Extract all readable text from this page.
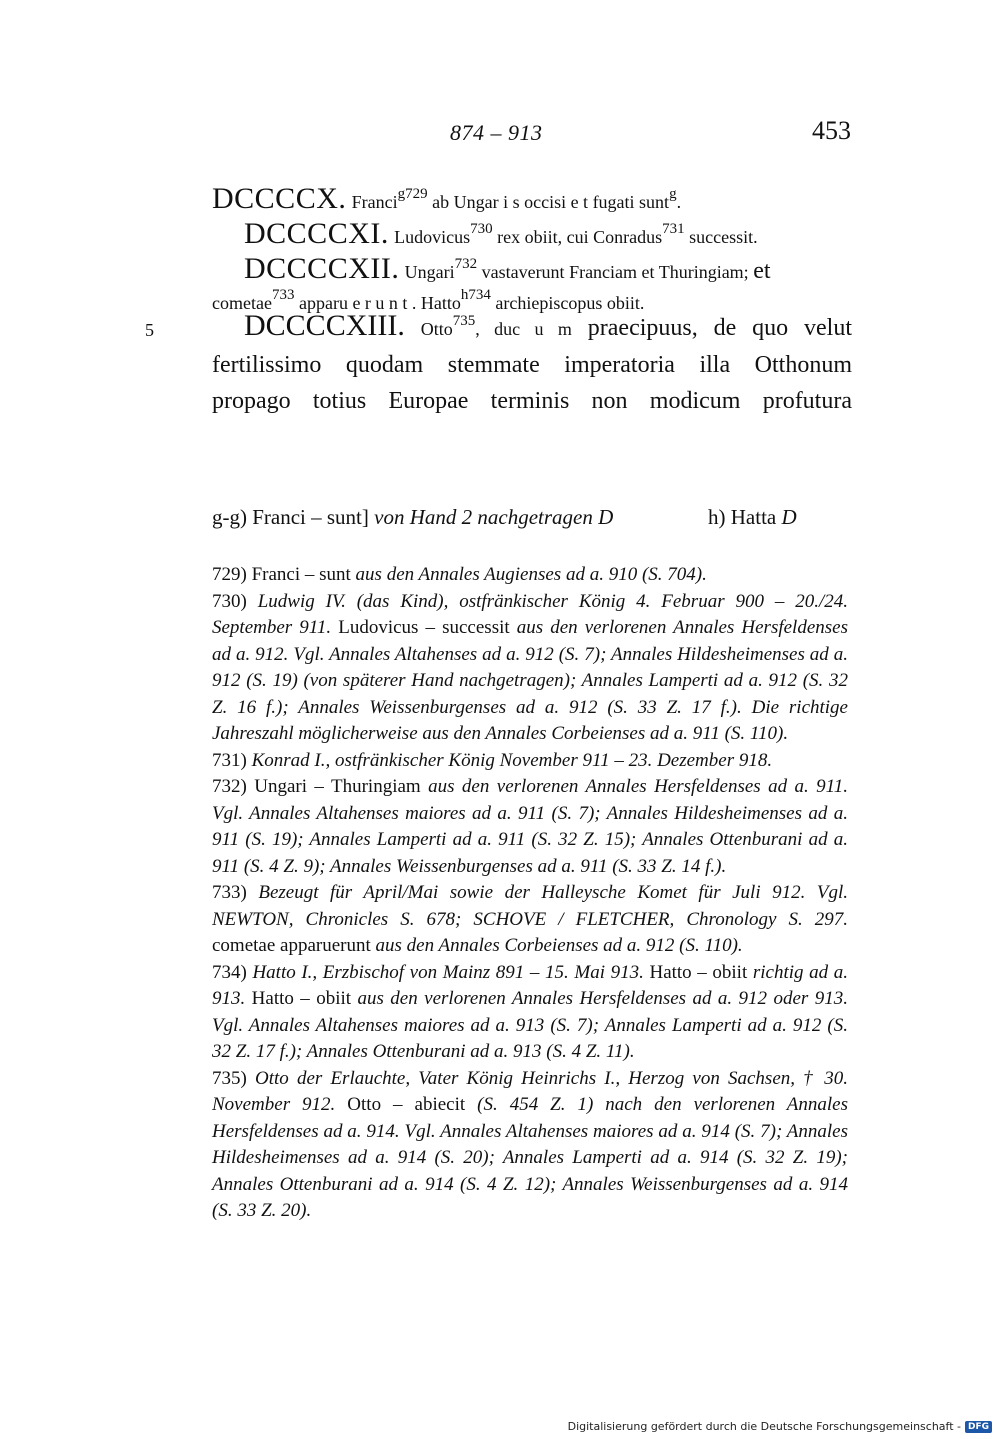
874 – 913	453
DCCCCX. Franci$^{g729}$ ab Ungar i s occisi e t fugati sunt$^g$.
DCCCCXI. Ludovicus$^{730}$ rex obiit, cui Conradus$^{731}$ successit.
DCCCCXII. Ungari$^{732}$ vastaverunt Franciam et Thuringiam; et
cometae$^{733}$ apparu e r u n t . Hatto$^{h734}$ archiepiscopus obiit.
5	DCCCCXIII. Otto$^{735}$, duc u m praecipuus, de quo velut
fertilissimo quodam stemmate imperatoria illa Otthonum
propago totius Europae terminis non modicum profutura
g-g) Franci – sunt] von Hand 2 nachgetragen D	h) Hatta D

729) Franci – sunt aus den Annales Augienses ad a. 910 (S. 704).

730) Ludwig IV. (das Kind), ostfränkischer König 4. Februar 900 – 20./24. September 911. Ludovicus – successit aus den verlorenen Annales Hersfeldenses ad a. 912. Vgl. Annales Altahenses ad a. 912 (S. 7); Annales Hildesheimenses ad a. 912 (S. 19) (von späterer Hand nachgetragen); Annales Lamperti ad a. 912 (S. 32 Z. 16 f.); Annales Weissenburgenses ad a. 912 (S. 33 Z. 17 f.). Die richtige Jahreszahl möglicherweise aus den Annales Corbeienses ad a. 911 (S. 110).

731) Konrad I., ostfränkischer König November 911 – 23. Dezember 918.

732) Ungari – Thuringiam aus den verlorenen Annales Hersfeldenses ad a. 911. Vgl. Annales Altahenses maiores ad a. 911 (S. 7); Annales Hildesheimenses ad a. 911 (S. 19); Annales Lamperti ad a. 911 (S. 32 Z. 15); Annales Ottenburani ad a. 911 (S. 4 Z. 9); Annales Weissenburgenses ad a. 911 (S. 33 Z. 14 f.).

733) Bezeugt für April/Mai sowie der Halleysche Komet für Juli 912. Vgl. NEWTON, Chronicles S. 678; SCHOVE / FLETCHER, Chronology S. 297. cometae apparuerunt aus den Annales Corbeienses ad a. 912 (S. 110).

734) Hatto I., Erzbischof von Mainz 891 – 15. Mai 913. Hatto – obiit richtig ad a. 913. Hatto – obiit aus den verlorenen Annales Hersfeldenses ad a. 912 oder 913. Vgl. Annales Altahenses maiores ad a. 913 (S. 7); Annales Lamperti ad a. 912 (S. 32 Z. 17 f.); Annales Ottenburani ad a. 913 (S. 4 Z. 11).

735) Otto der Erlauchte, Vater König Heinrichs I., Herzog von Sachsen, † 30. November 912. Otto – abiecit (S. 454 Z. 1) nach den verlorenen Annales Hersfeldenses ad a. 914. Vgl. Annales Altahenses maiores ad a. 914 (S. 7); Annales Hildesheimenses ad a. 914 (S. 20); Annales Lamperti ad a. 914 (S. 32 Z. 19); Annales Ottenburani ad a. 914 (S. 4 Z. 12); Annales Weissenburgenses ad a. 914 (S. 33 Z. 20).

Digitalisierung gefördert durch die Deutsche Forschungsgemeinschaft - DFG
